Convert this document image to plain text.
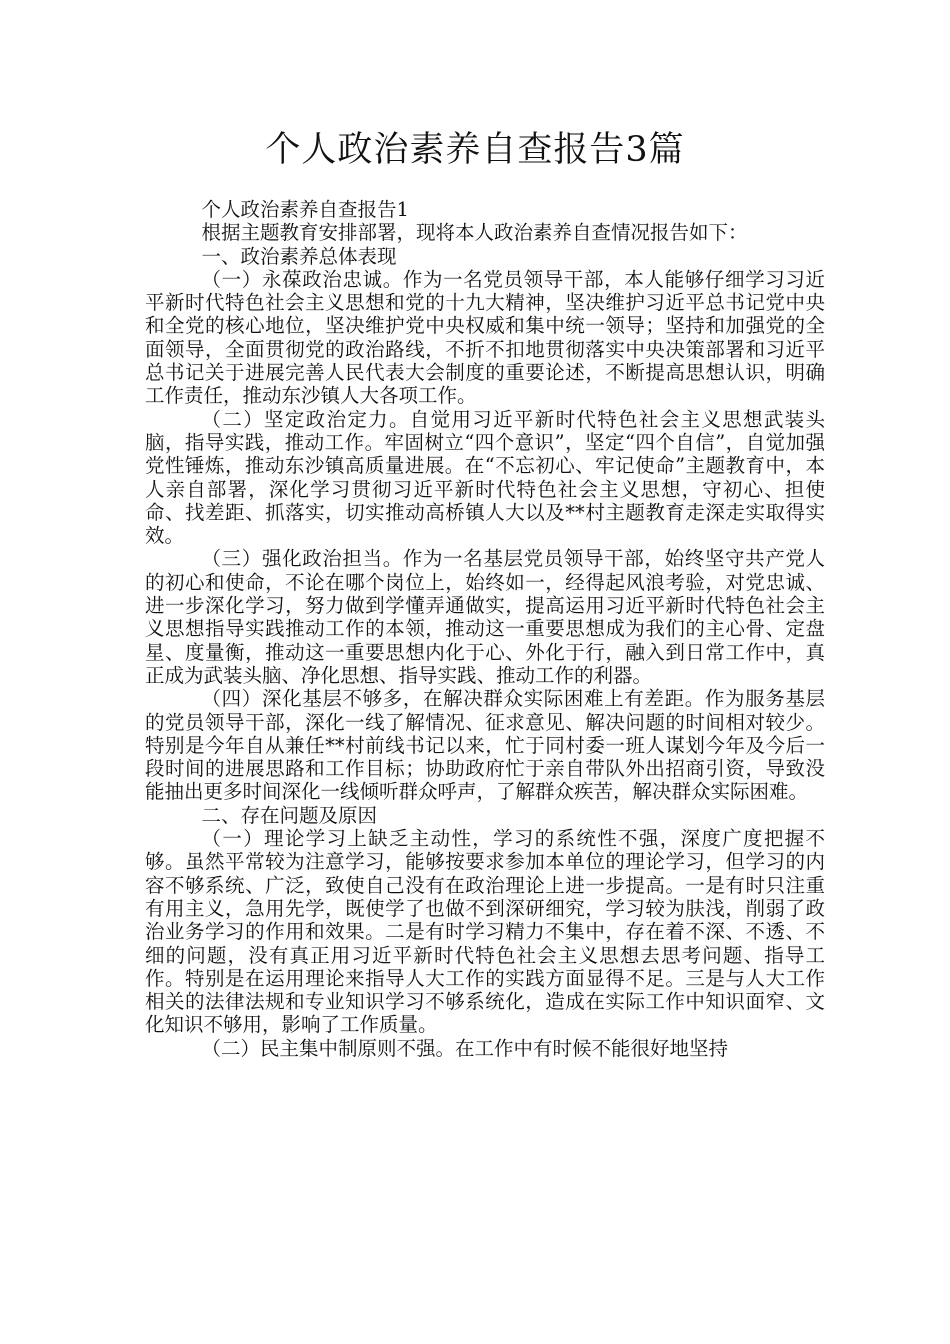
个人政治素养自查报告3篇

个人政治素养自查报告1

根据主题教育安排部署，现将本人政治素养自查情况报告如下：

一、政治素养总体表现

（一）永葆政治忠诚。作为一名党员领导干部，本人能够仔细学习习近平新时代特色社会主义思想和党的十九大精神，坚决维护习近平总书记党中央和全党的核心地位，坚决维护党中央权威和集中统一领导；坚持和加强党的全面领导，全面贯彻党的政治路线，不折不扣地贯彻落实中央决策部署和习近平总书记关于进展完善人民代表大会制度的重要论述，不断提高思想认识，明确工作责任，推动东沙镇人大各项工作。

（二）坚定政治定力。自觉用习近平新时代特色社会主义思想武装头脑，指导实践，推动工作。牢固树立“四个意识”，坚定“四个自信”，自觉加强党性锤炼，推动东沙镇高质量进展。在“不忘初心、牢记使命”主题教育中，本人亲自部署，深化学习贯彻习近平新时代特色社会主义思想，守初心、担使命、找差距、抓落实，切实推动高桥镇人大以及**村主题教育走深走实取得实效。

（三）强化政治担当。作为一名基层党员领导干部，始终坚守共产党人的初心和使命，不论在哪个岗位上，始终如一，经得起风浪考验，对党忠诚、进一步深化学习，努力做到学懂弄通做实，提高运用习近平新时代特色社会主义思想指导实践推动工作的本领，推动这一重要思想成为我们的主心骨、定盘星、度量衡，推动这一重要思想内化于心、外化于行，融入到日常工作中，真正成为武装头脑、净化思想、指导实践、推动工作的利器。

（四）深化基层不够多，在解决群众实际困难上有差距。作为服务基层的党员领导干部，深化一线了解情况、征求意见、解决问题的时间相对较少。特别是今年自从兼任**村前线书记以来，忙于同村委一班人谋划今年及今后一段时间的进展思路和工作目标；协助政府忙于亲自带队外出招商引资，导致没能抽出更多时间深化一线倾听群众呼声，了解群众疾苦，解决群众实际困难。

二、存在问题及原因

（一）理论学习上缺乏主动性，学习的系统性不强，深度广度把握不够。虽然平常较为注意学习，能够按要求参加本单位的理论学习，但学习的内容不够系统、广泛，致使自己没有在政治理论上进一步提高。一是有时只注重有用主义，急用先学，既使学了也做不到深研细究，学习较为肤浅，削弱了政治业务学习的作用和效果。二是有时学习精力不集中，存在着不深、不透、不细的问题，没有真正用习近平新时代特色社会主义思想去思考问题、指导工作。特别是在运用理论来指导人大工作的实践方面显得不足。三是与人大工作相关的法律法规和专业知识学习不够系统化，造成在实际工作中知识面窄、文化知识不够用，影响了工作质量。

（二）民主集中制原则不强。在工作中有时候不能很好地坚持
